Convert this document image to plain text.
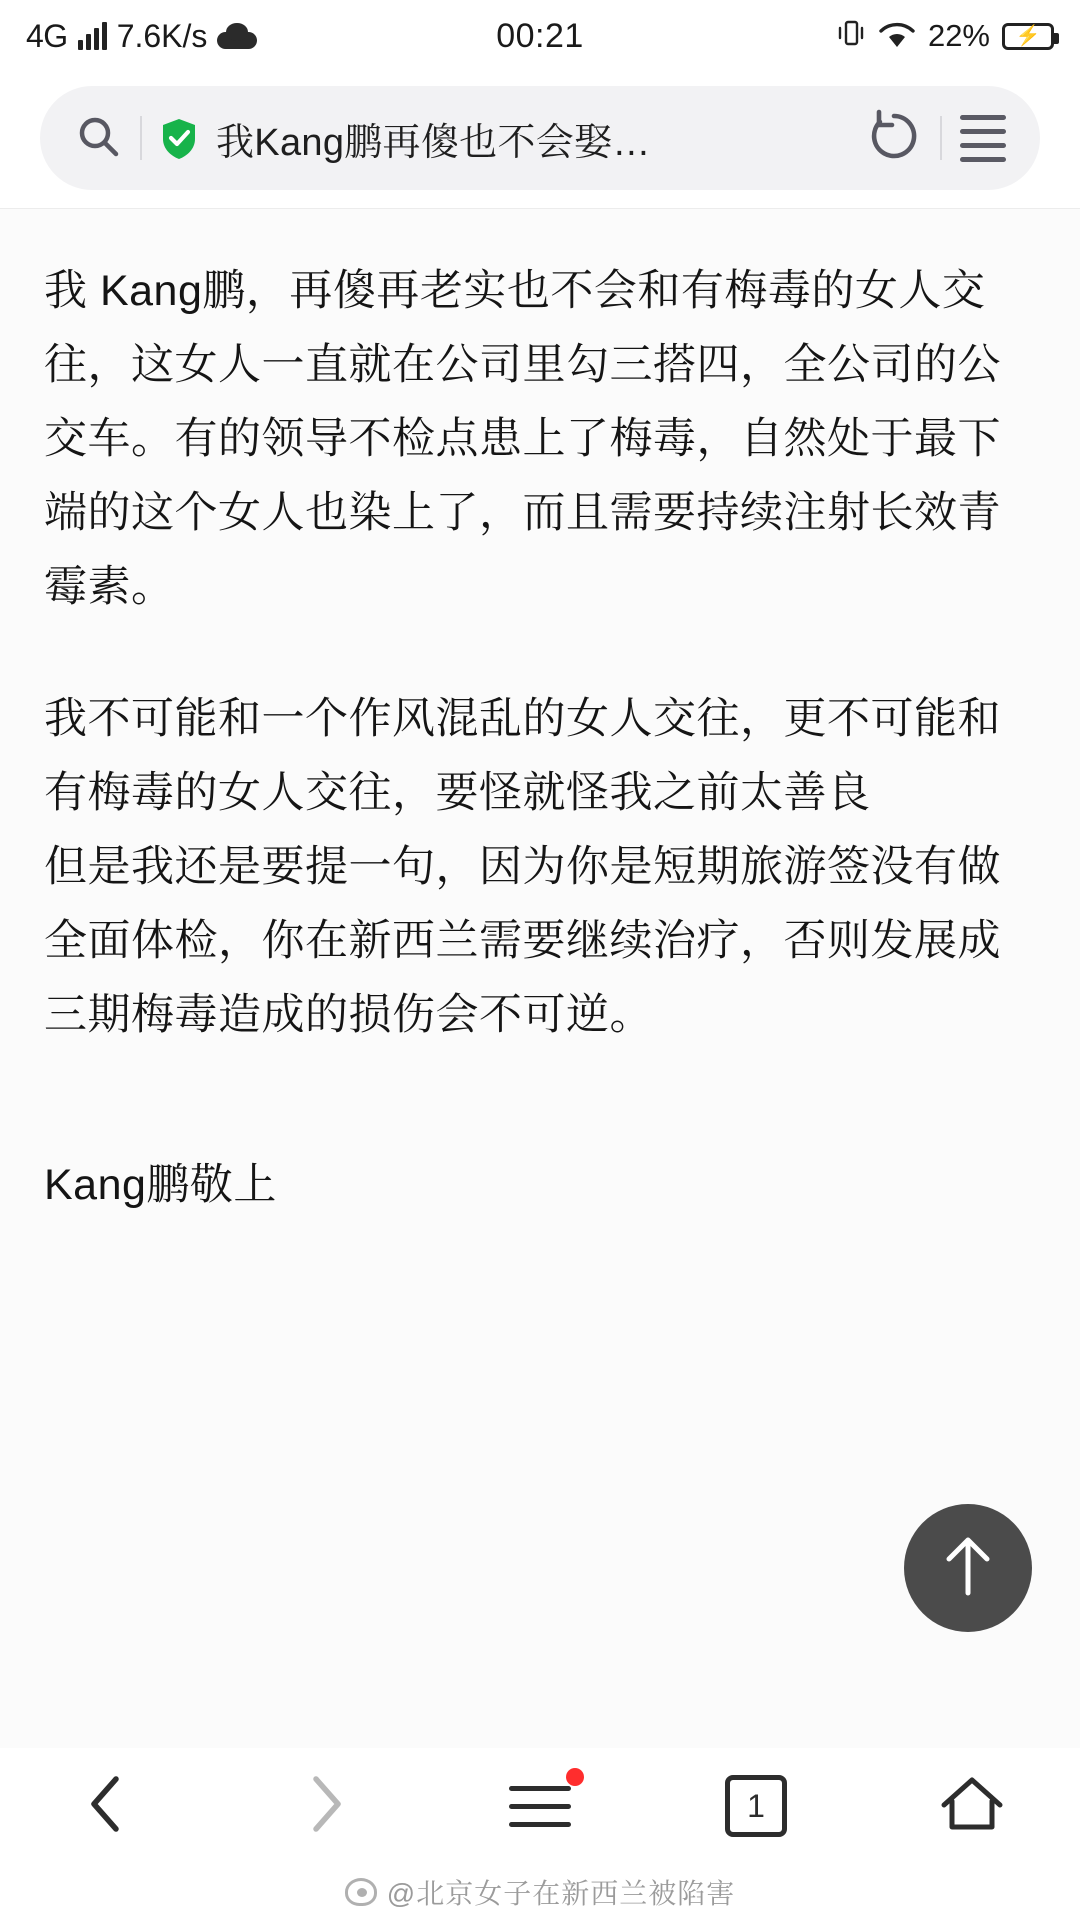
4G 7.6K/s	00:21	22% ⚡
我Kang鹏再傻也不会娶…

我 Kang鹏，再傻再老实也不会和有梅毒的女人交往，这女人一直就在公司里勾三搭四，全公司的公交车。有的领导不检点患上了梅毒，自然处于最下端的这个女人也染上了，而且需要持续注射长效青霉素。

我不可能和一个作风混乱的女人交往，更不可能和有梅毒的女人交往，要怪就怪我之前太善良

但是我还是要提一句，因为你是短期旅游签没有做全面体检，你在新西兰需要继续治疗，否则发展成三期梅毒造成的损伤会不可逆。

Kang鹏敬上
1
@北京女子在新西兰被陷害
